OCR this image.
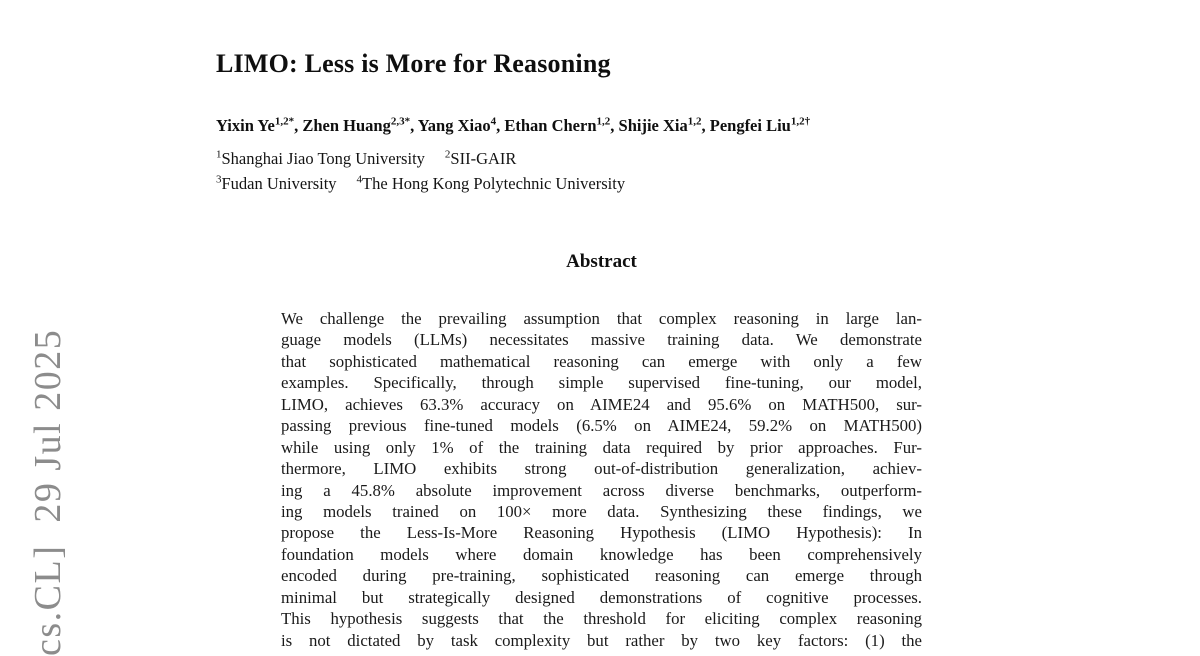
cs.CL]  29 Jul 2025
LIMO: Less is More for Reasoning
Yixin $Ye^{1,2*}$, Zhen Huang$^{2,3*}$, Yang Xiao$^4$, Ethan Chern$^{1,2}$, Shijie Xia$^{1,2}$, Pengfei Liu$^{1,2\dagger}$
$^1$Shanghai Jiao Tong University $^2$SII-GAIR
$^3$Fudan University $^4$The Hong Kong Polytechnic University
Abstract
We challenge the prevailing assumption that complex reasoning in large lan-
guage models (LLMs) necessitates massive training data. We demonstrate
that sophisticated mathematical reasoning can emerge with only a few
examples. Specifically, through simple supervised fine-tuning, our model,
LIMO, achieves 63.3% accuracy on AIME24 and 95.6% on MATH500, sur-
passing previous fine-tuned models (6.5% on AIME24, 59.2% on MATH500)
while using only 1% of the training data required by prior approaches. Fur-
thermore, LIMO exhibits strong out-of-distribution generalization, achiev-
ing a 45.8% absolute improvement across diverse benchmarks, outperform-
ing models trained on 100× more data. Synthesizing these findings, we
propose the Less-Is-More Reasoning Hypothesis (LIMO Hypothesis): In
foundation models where domain knowledge has been comprehensively
encoded during pre-training, sophisticated reasoning can emerge through
minimal but strategically designed demonstrations of cognitive processes.
This hypothesis suggests that the threshold for eliciting complex reasoning
is not dictated by task complexity but rather by two key factors: (1) the
